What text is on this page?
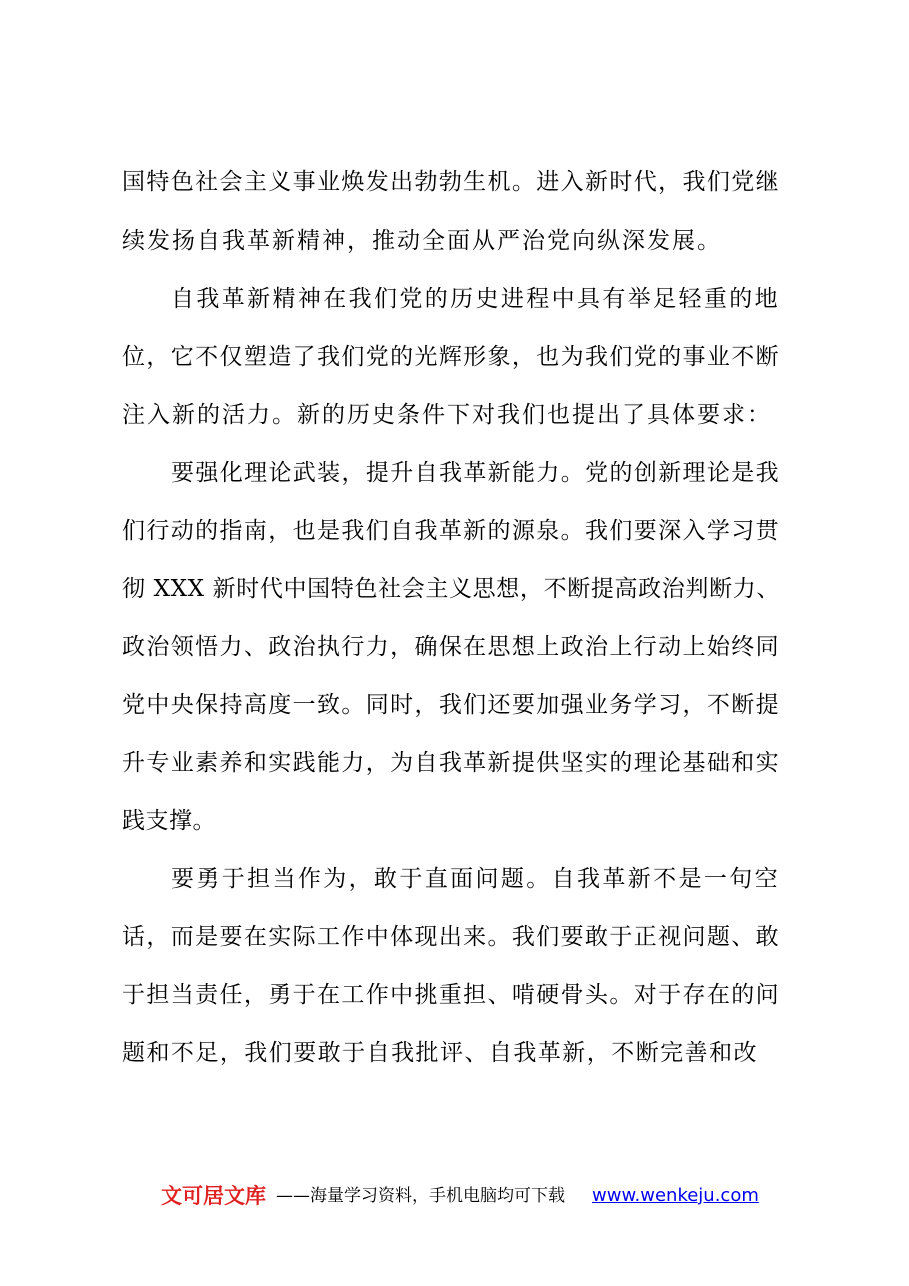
国特色社会主义事业焕发出勃勃生机。进入新时代，我们党继
续发扬自我革新精神，推动全面从严治党向纵深发展。
自我革新精神在我们党的历史进程中具有举足轻重的地
位，它不仅塑造了我们党的光辉形象，也为我们党的事业不断
注入新的活力。新的历史条件下对我们也提出了具体要求：
要强化理论武装，提升自我革新能力。党的创新理论是我
们行动的指南，也是我们自我革新的源泉。我们要深入学习贯
彻 XXX 新时代中国特色社会主义思想，不断提高政治判断力、
政治领悟力、政治执行力，确保在思想上政治上行动上始终同
党中央保持高度一致。同时，我们还要加强业务学习，不断提
升专业素养和实践能力，为自我革新提供坚实的理论基础和实
践支撑。
要勇于担当作为，敢于直面问题。自我革新不是一句空
话，而是要在实际工作中体现出来。我们要敢于正视问题、敢
于担当责任，勇于在工作中挑重担、啃硬骨头。对于存在的问
题和不足，我们要敢于自我批评、自我革新，不断完善和改
文可居文库 ——海量学习资料，手机电脑均可下载 www.wenkeju.com
